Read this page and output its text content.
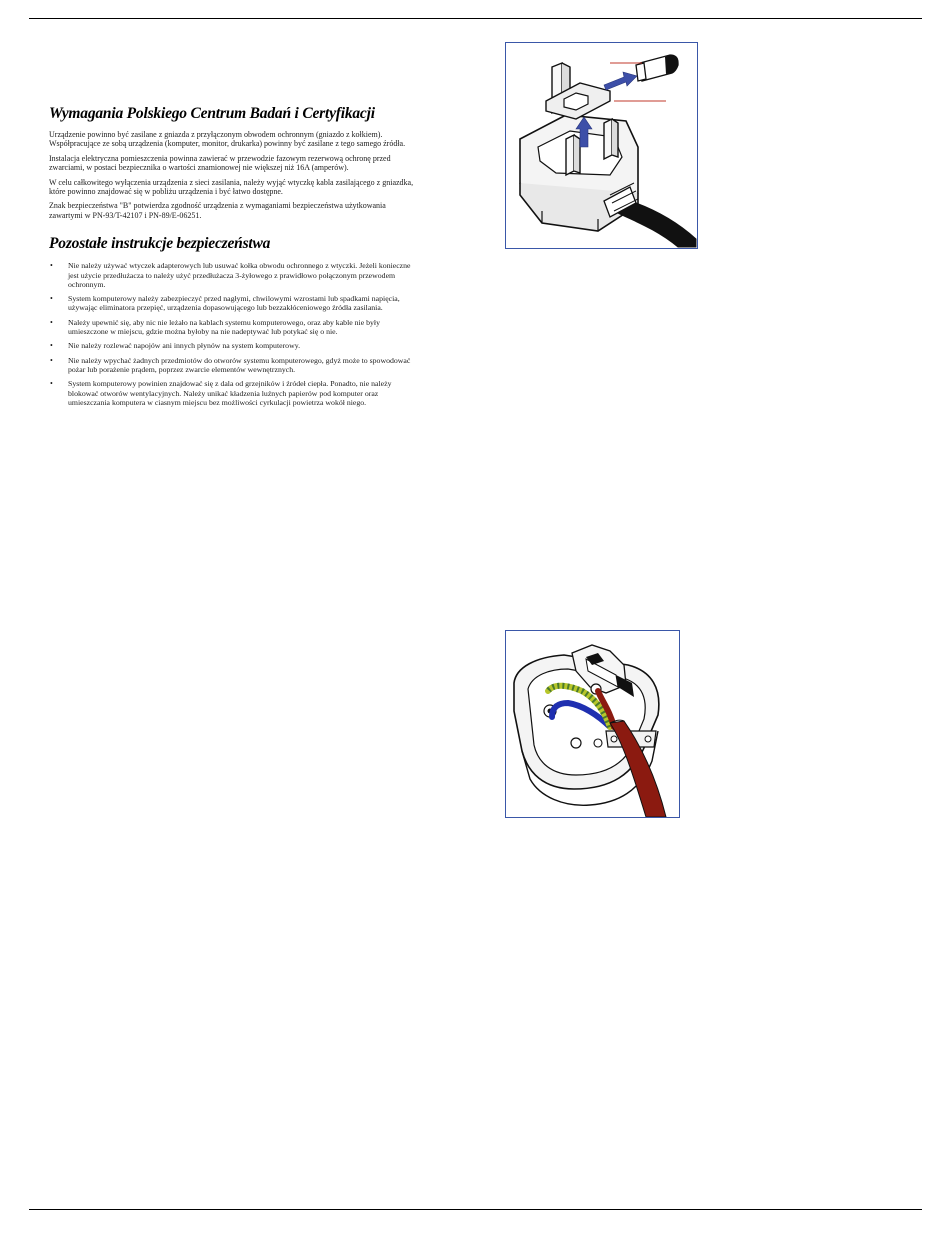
Wymagania Polskiego Centrum Badań i Certyfikacji

Urządzenie powinno być zasilane z gniazda z przyłączonym obwodem ochronnym (gniazdo z kołkiem). Współpracujące ze sobą urządzenia (komputer, monitor, drukarka) powinny być zasilane z tego samego źródła.

Instalacja elektryczna pomieszczenia powinna zawierać w przewodzie fazowym rezerwową ochronę przed zwarciami, w postaci bezpiecznika o wartości znamionowej nie większej niż 16A (amperów).

W celu całkowitego wyłączenia urządzenia z sieci zasilania, należy wyjąć wtyczkę kabla zasilającego z gniazdka, które powinno znajdować się w pobliżu urządzenia i być łatwo dostępne.

Znak bezpieczeństwa "B" potwierdza zgodność urządzenia z wymaganiami bezpieczeństwa użytkowania zawartymi w PN-93/T-42107 i PN-89/E-06251.

Pozostałe instrukcje bezpieczeństwa
• Nie należy używać wtyczek adapterowych lub usuwać kołka obwodu ochronnego z wtyczki. Jeżeli konieczne jest użycie przedłużacza to należy użyć przedłużacza 3-żyłowego z prawidłowo połączonym przewodem ochronnym.
• System komputerowy należy zabezpieczyć przed nagłymi, chwilowymi wzrostami lub spadkami napięcia, używając eliminatora przepięć, urządzenia dopasowującego lub bezzakłóceniowego źródła zasilania.
• Należy upewnić się, aby nic nie leżało na kablach systemu komputerowego, oraz aby kable nie były umieszczone w miejscu, gdzie można byłoby na nie nadeptywać lub potykać się o nie.
• Nie należy rozlewać napojów ani innych płynów na system komputerowy.
• Nie należy wpychać żadnych przedmiotów do otworów systemu komputerowego, gdyż może to spowodować pożar lub porażenie prądem, poprzez zwarcie elementów wewnętrznych.
• System komputerowy powinien znajdować się z dala od grzejników i źródeł ciepła. Ponadto, nie należy blokować otworów wentylacyjnych. Należy unikać kładzenia luźnych papierów pod komputer oraz umieszczania komputera w ciasnym miejscu bez możliwości cyrkulacji powietrza wokół niego.
